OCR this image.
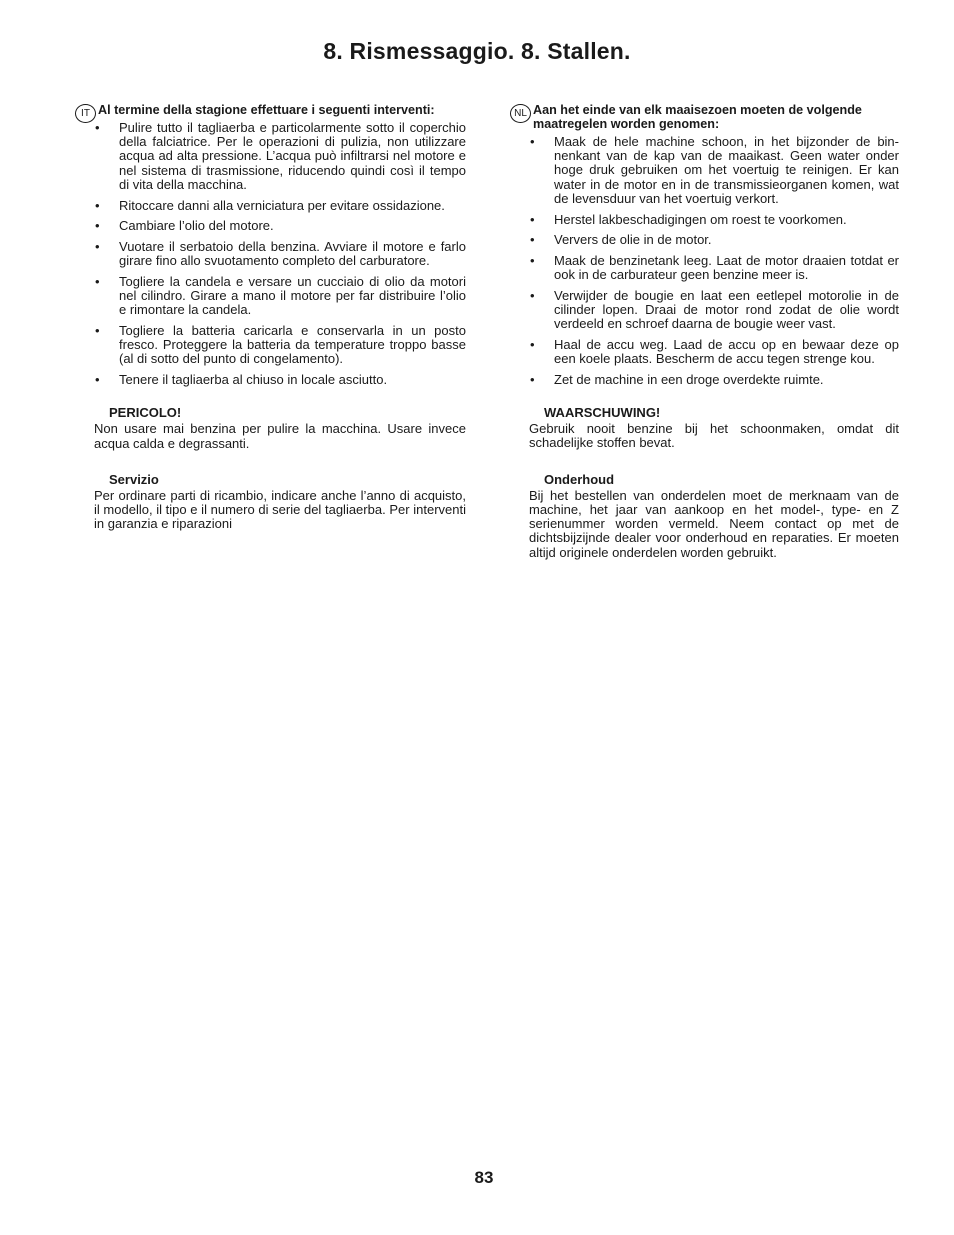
8. Rismessaggio. 8. Stallen.
IT Al termine della stagione effettuare i seguenti interventi:
• Pulire tutto il tagliaerba e particolarmente sotto il coperchio della falciatrice. Per le operazioni di pulizia, non utilizzare acqua ad alta pressione. L’acqua può infiltrarsi nel motore e nel sistema di trasmissione, riducendo quindi così il tempo di vita della macchina.
• Ritoccare danni alla verniciatura per evitare ossidazione.
• Cambiare l’olio del motore.
• Vuotare il serbatoio della benzina. Avviare il motore e farlo girare fino allo svuotamento completo del carburatore.
• Togliere la candela e versare un cucciaio di olio da motori nel cilindro. Girare a mano il motore per far distribuire l’olio e rimontare la candela.
• Togliere la batteria caricarla e conservarla in un posto fresco. Proteggere la batteria da temperature troppo basse (al di sotto del punto di congelamento).
• Tenere il tagliaerba al chiuso in locale asciutto.
PERICOLO!

Non usare mai benzina per pulire la macchina. Usare invece acqua calda e degrassanti.

Servizio

Per ordinare parti di ricambio, indicare anche l’anno di acquisto, il modello, il tipo e il numero di serie del tagliaerba. Per interventi in garanzia e riparazioni

NL Aan het einde van elk maaisezoen moeten de volgende maatregelen worden genomen:
• Maak de hele machine schoon, in het bijzonder de bin-nenkant van de kap van de maaikast. Geen water onder hoge druk gebruiken om het voertuig te reinigen. Er kan water in de motor en in de transmissieorganen komen, wat de levensduur van het voertuig verkort.
• Herstel lakbeschadigingen om roest te voorkomen.
• Ververs de olie in de motor.
• Maak de benzinetank leeg. Laat de motor draaien totdat er ook in de carburateur geen benzine meer is.
• Verwijder de bougie en laat een eetlepel motorolie in de cilinder lopen. Draai de motor rond zodat de olie wordt verdeeld en schroef daarna de bougie weer vast.
• Haal de accu weg. Laad de accu op en bewaar deze op een koele plaats. Bescherm de accu tegen strenge kou.
• Zet de machine in een droge overdekte ruimte.
WAARSCHUWING!

Gebruik nooit benzine bij het schoonmaken, omdat dit schadelijke stoffen bevat.

Onderhoud

Bij het bestellen van onderdelen moet de merknaam van de machine, het jaar van aankoop en het model-, type- en Z serienummer worden vermeld. Neem contact op met de dichtsbijzijnde dealer voor onderhoud en reparaties. Er moeten altijd originele onderdelen worden gebruikt.

83
